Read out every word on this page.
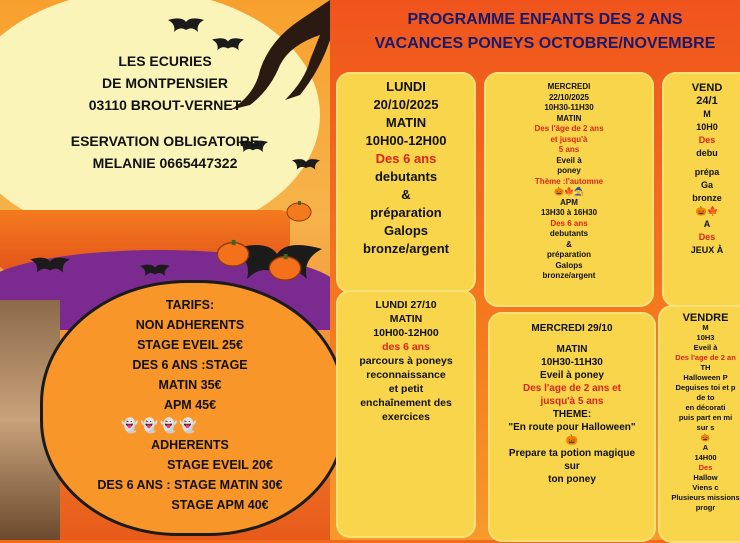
LES ECURIES
DE MONTPENSIER
03110 BROUT-VERNET
ESERVATION OBLIGATOIRE
MELANIE 0665447322
TARIFS:
NON ADHERENTS
STAGE EVEIL 25€
DES 6 ANS :STAGE
MATIN 35€
APM 45€
👻👻👻👻
ADHERENTS
STAGE EVEIL 20€
DES 6 ANS : STAGE MATIN 30€
STAGE APM 40€
PROGRAMME ENFANTS DES 2 ANS
VACANCES PONEYS OCTOBRE/NOVEMBRE
LUNDI
20/10/2025
MATIN
10H00-12H00
Des 6 ans
debutants
&
préparation
Galops
bronze/argent
MERCREDI
22/10/2025
10H30-11H30
MATIN
Des l'âge de 2 ans
et jusqu'à
5 ans
Eveil à
poney
Thème :l'automne
🎃🍁🧙
APM
13H30 à 16H30
Des 6 ans
debutants
&
préparation
Galops
bronze/argent
VEND
24/1
M
10H0
Des
debu
prépa
Ga
bronze
🎃🍁
A
Des
JEUX À
LUNDI 27/10
MATIN
10H00-12H00
des 6 ans
parcours à poneys
reconnaissance
et petit
enchaînement des
exercices
MERCREDI 29/10
MATIN
10H30-11H30
Eveil à poney
Des l'age de 2 ans et
jusqu'à 5 ans
THEME:
"En route pour Halloween"
🎃
Prepare ta potion magique
sur
ton poney
VENDRE
M
10H3
Eveil à
Des l'age de 2 an
TH
Halloween P
Deguises toi et p
de to
en décorati
puis part en mi
sur s
🎃
A
14H00
Des
Hallow
Viens c
Plusieurs missions
progr
